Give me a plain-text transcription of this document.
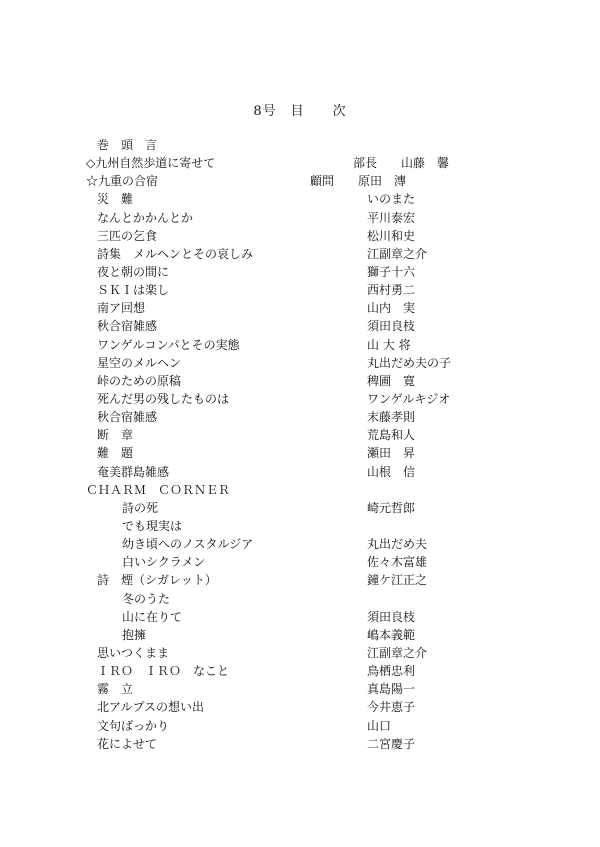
8号　目　　次
巻　頭　言
◇九州自然歩道に寄せて	部長　　山藤　馨
☆九重の合宿	顧問　　原田　漙
災　難	いのまた
なんとかかんとか	平川泰宏
三匹の乞食	松川和史
詩集　メルヘンとその哀しみ	江副章之介
夜と朝の間に	獅子十六
ＳＫＩは楽し	西村勇二
南ア回想	山内　実
秋合宿雑感	須田良枝
ワンゲルコンパとその実態	山 大 将
星空のメルヘン	丸出だめ夫の子
峠のための原稿	稗圃　寛
死んだ男の残したものは	ワンゲルキジオ
秋合宿雑感	末藤孝則
断　章	荒島和人
難　題	瀬田　昇
奄美群島雑感	山根　信
ＣＨＡＲＭ　ＣＯＲＮＥＲ
詩の死	崎元哲郎
でも現実は
幼き頃へのノスタルジア	丸出だめ夫
白いシクラメン	佐々木富雄
詩　煙（シガレット）	鐘ケ江正之
冬のうた
山に在りて	須田良枝
抱擁	嶋本義範
思いつくまま	江副章之介
ＩＲＯ　ＩＲＯ　なこと	鳥栖忠利
霧　立	真島陽一
北アルプスの想い出	今井恵子
文句ばっかり	山口
花によせて	二宮慶子
